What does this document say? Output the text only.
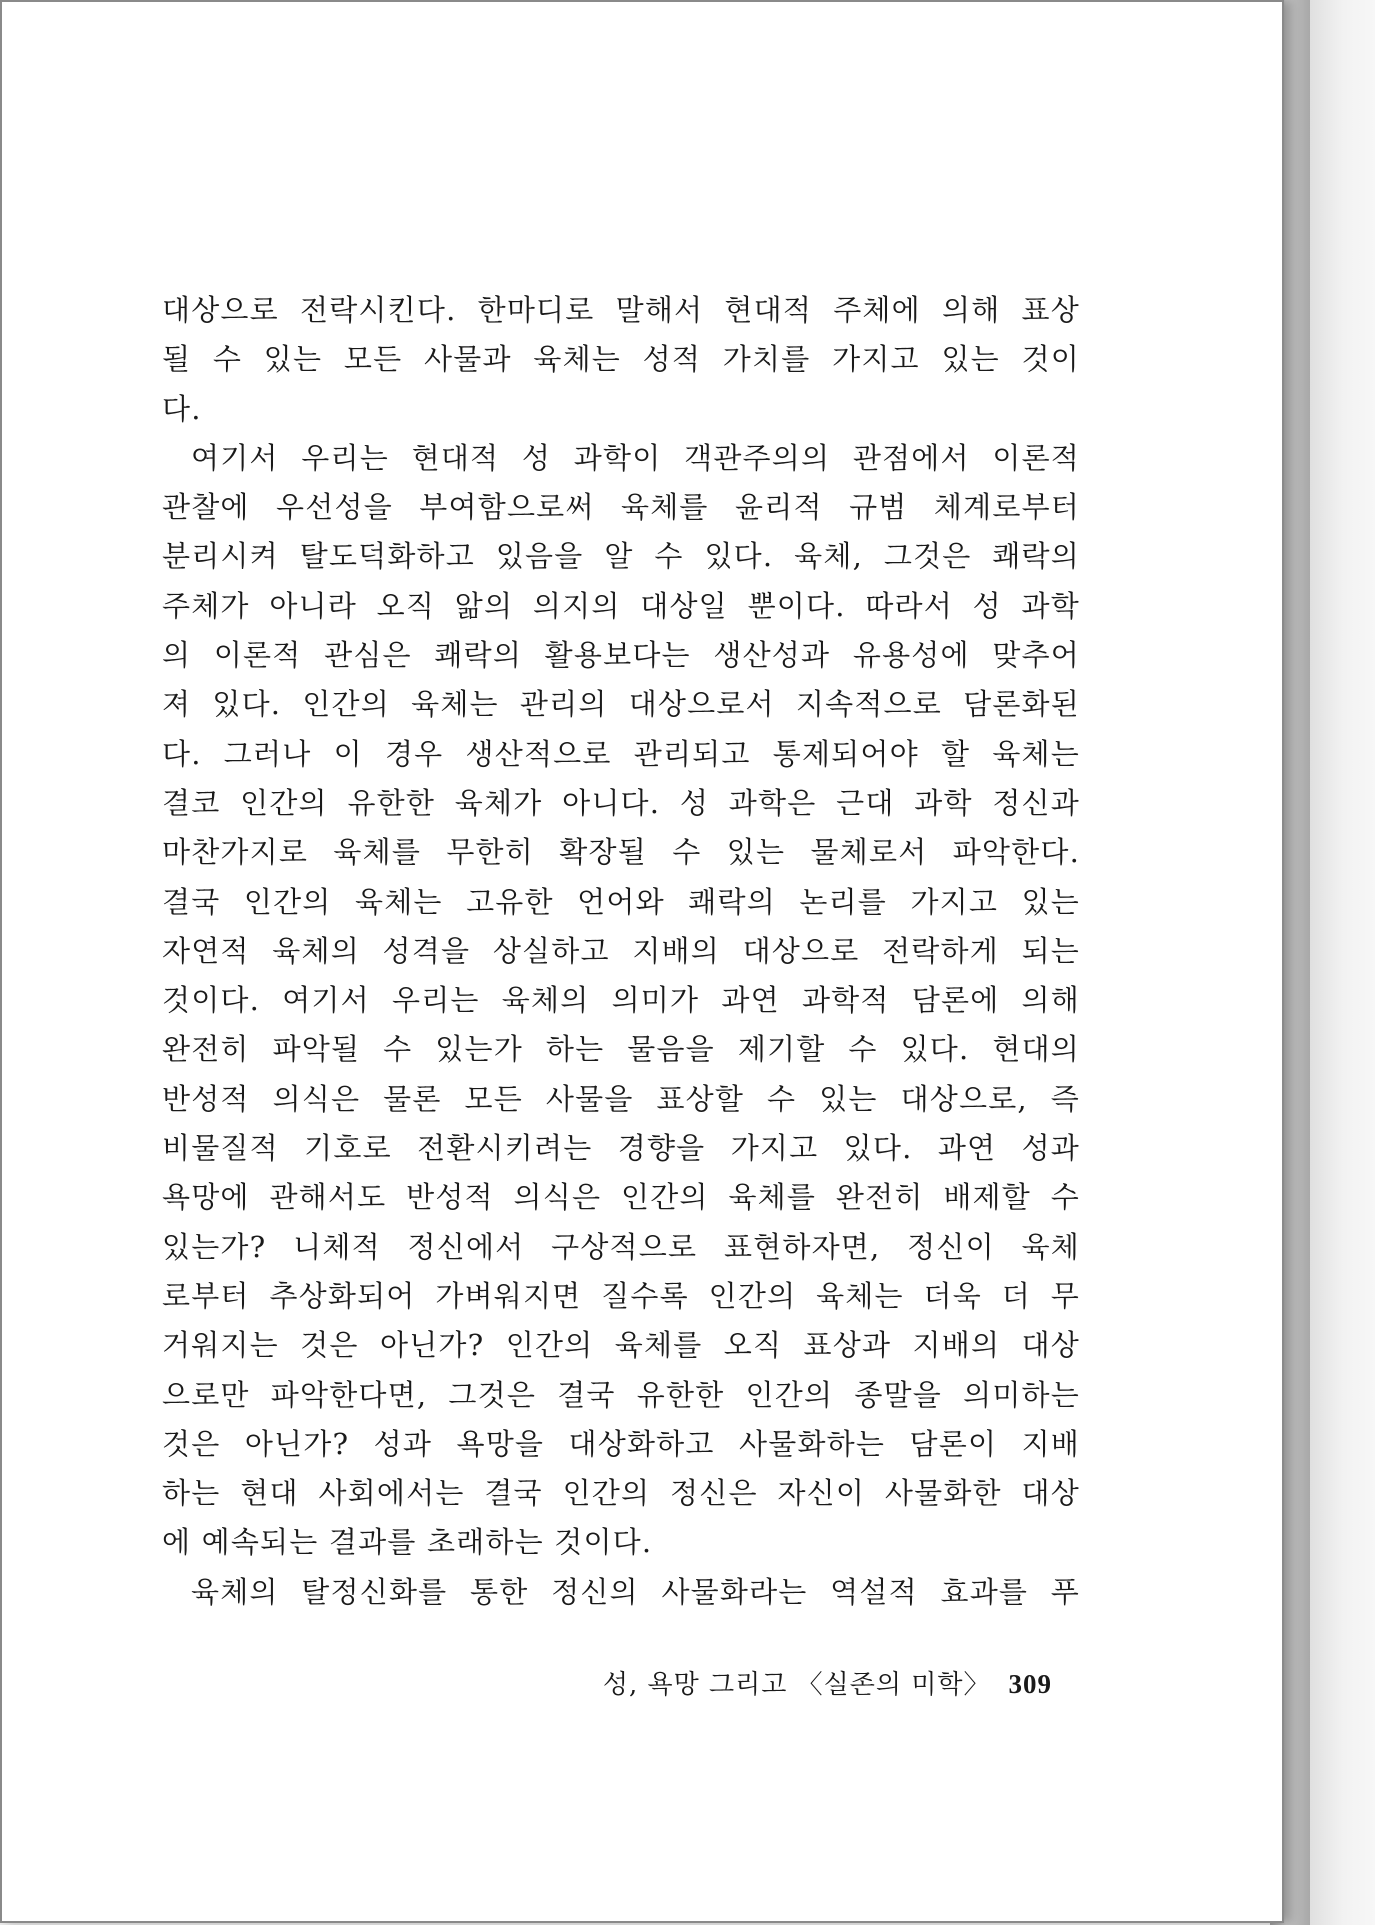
대상으로 전락시킨다. 한마디로 말해서 현대적 주체에 의해 표상
될 수 있는 모든 사물과 육체는 성적 가치를 가지고 있는 것이
다.
여기서 우리는 현대적 성 과학이 객관주의의 관점에서 이론적
관찰에 우선성을 부여함으로써 육체를 윤리적 규범 체계로부터
분리시켜 탈도덕화하고 있음을 알 수 있다. 육체, 그것은 쾌락의
주체가 아니라 오직 앎의 의지의 대상일 뿐이다. 따라서 성 과학
의 이론적 관심은 쾌락의 활용보다는 생산성과 유용성에 맞추어
져 있다. 인간의 육체는 관리의 대상으로서 지속적으로 담론화된
다. 그러나 이 경우 생산적으로 관리되고 통제되어야 할 육체는
결코 인간의 유한한 육체가 아니다. 성 과학은 근대 과학 정신과
마찬가지로 육체를 무한히 확장될 수 있는 물체로서 파악한다.
결국 인간의 육체는 고유한 언어와 쾌락의 논리를 가지고 있는
자연적 육체의 성격을 상실하고 지배의 대상으로 전락하게 되는
것이다. 여기서 우리는 육체의 의미가 과연 과학적 담론에 의해
완전히 파악될 수 있는가 하는 물음을 제기할 수 있다. 현대의
반성적 의식은 물론 모든 사물을 표상할 수 있는 대상으로, 즉
비물질적 기호로 전환시키려는 경향을 가지고 있다. 과연 성과
욕망에 관해서도 반성적 의식은 인간의 육체를 완전히 배제할 수
있는가? 니체적 정신에서 구상적으로 표현하자면, 정신이 육체
로부터 추상화되어 가벼워지면 질수록 인간의 육체는 더욱 더 무
거워지는 것은 아닌가? 인간의 육체를 오직 표상과 지배의 대상
으로만 파악한다면, 그것은 결국 유한한 인간의 종말을 의미하는
것은 아닌가? 성과 욕망을 대상화하고 사물화하는 담론이 지배
하는 현대 사회에서는 결국 인간의 정신은 자신이 사물화한 대상
에 예속되는 결과를 초래하는 것이다.
육체의 탈정신화를 통한 정신의 사물화라는 역설적 효과를 푸
성, 욕망 그리고 〈실존의 미학〉 309
